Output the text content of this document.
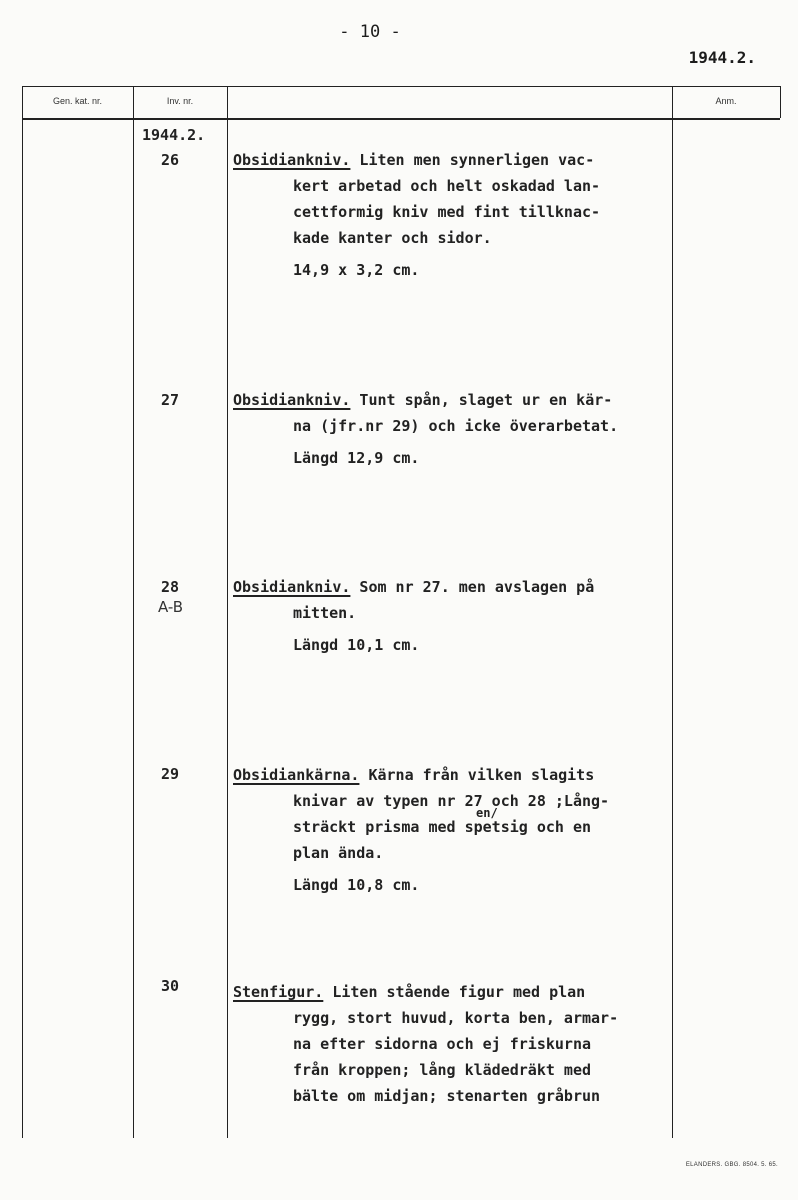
- 10 -
1944.2.
Gen. kat. nr.	Inv. nr.	Anm.
1944.2.
26
27
28
A-B
29
30
Obsidiankniv. Liten men synnerligen vac-
kert arbetad och helt oskadad lan-
cettformig kniv med fint tillknac-
kade kanter och sidor.
14,9 x 3,2 cm.
Obsidiankniv. Tunt spån, slaget ur en kär-
na (jfr.nr 29) och icke överarbetat.
Längd 12,9 cm.
Obsidiankniv. Som nr 27. men avslagen på
mitten.
Längd 10,1 cm.
Obsidiankärna. Kärna från vilken slagits
knivar av typen nr 27 och 28 ;Lång-
sträckt prisma med spetsig och en
plan ända.
Längd 10,8 cm.
en/
Stenfigur. Liten stående figur med plan
rygg, stort huvud, korta ben, armar-
na efter sidorna och ej friskurna
från kroppen; lång klädedräkt med
bälte om midjan; stenarten gråbrun
ELANDERS. GBG. 8504. 5. 65.
